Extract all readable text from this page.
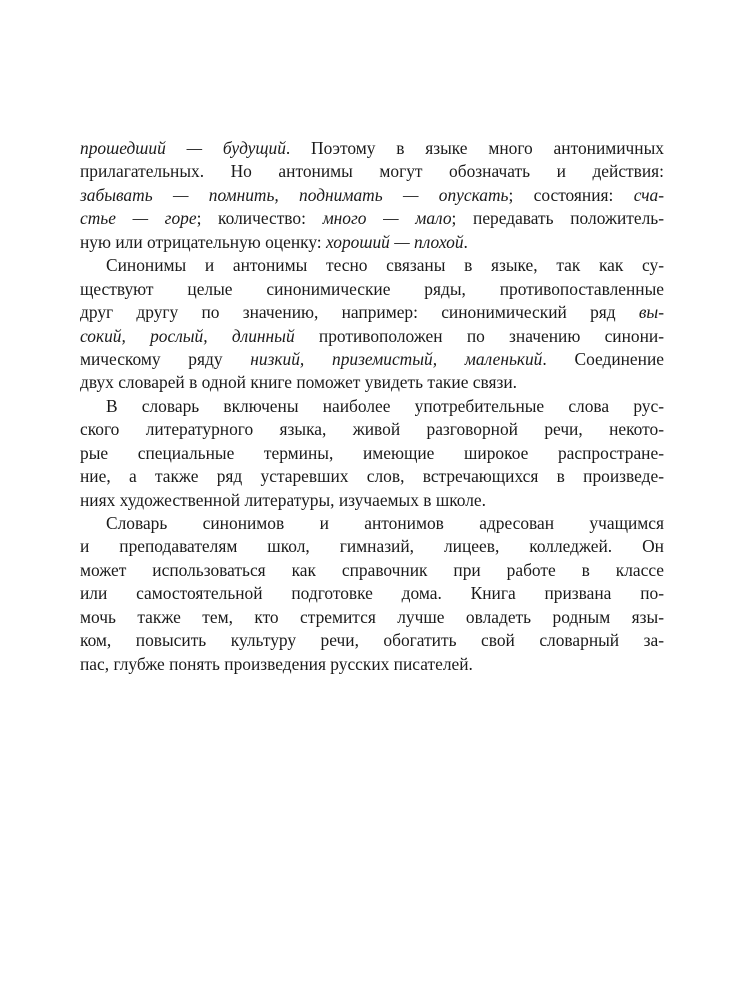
прошедший — будущий. Поэтому в языке много антонимичных
прилагательных. Но антонимы могут обозначать и действия:
забывать — помнить, поднимать — опускать; состояния: сча-
стье — горе; количество: много — мало; передавать положитель-
ную или отрицательную оценку: хороший — плохой.
Синонимы и антонимы тесно связаны в языке, так как су-
ществуют целые синонимические ряды, противопоставленные
друг другу по значению, например: синонимический ряд вы-
сокий, рослый, длинный противоположен по значению синони-
мическому ряду низкий, приземистый, маленький. Соединение
двух словарей в одной книге поможет увидеть такие связи.
В словарь включены наиболее употребительные слова рус-
ского литературного языка, живой разговорной речи, некото-
рые специальные термины, имеющие широкое распростране-
ние, а также ряд устаревших слов, встречающихся в произведе-
ниях художественной литературы, изучаемых в школе.
Словарь синонимов и антонимов адресован учащимся
и преподавателям школ, гимназий, лицеев, колледжей. Он
может использоваться как справочник при работе в классе
или самостоятельной подготовке дома. Книга призвана по-
мочь также тем, кто стремится лучше овладеть родным язы-
ком, повысить культуру речи, обогатить свой словарный за-
пас, глубже понять произведения русских писателей.
